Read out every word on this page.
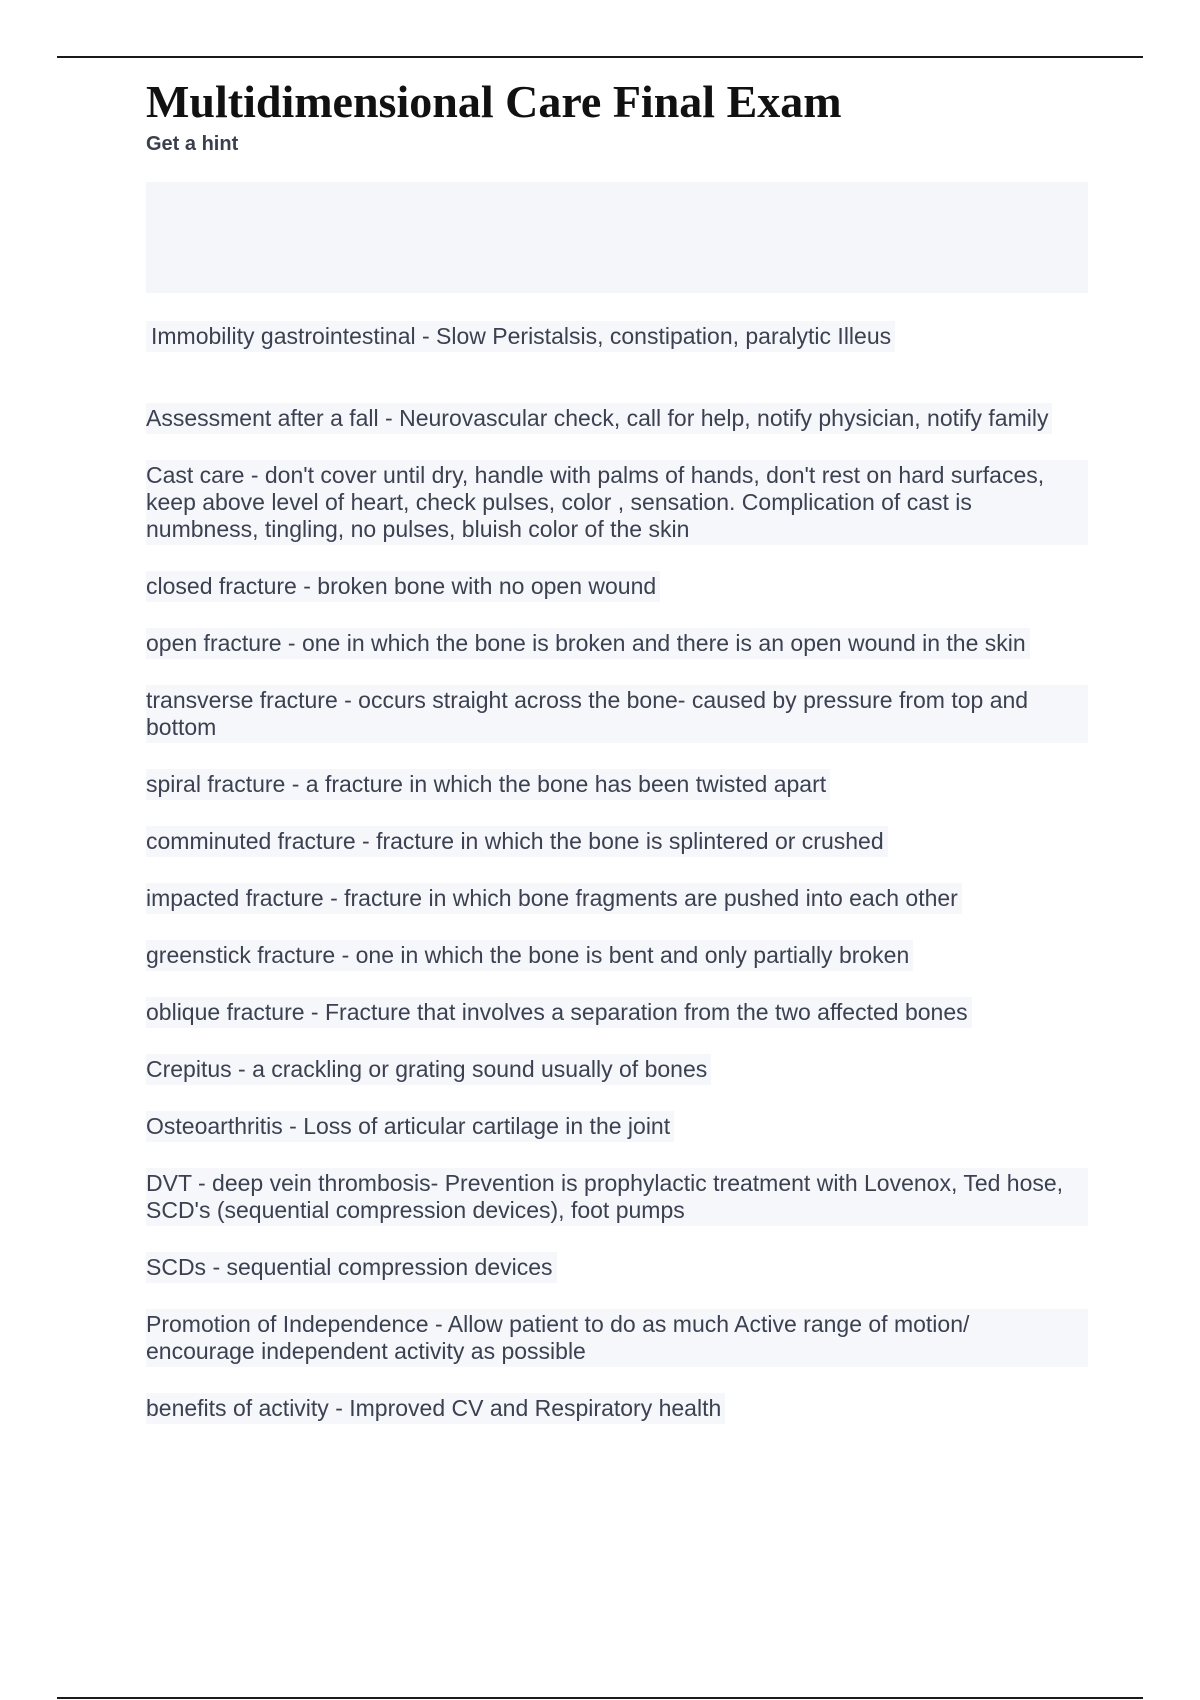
Multidimensional Care Final Exam
Get a hint
Immobility gastrointestinal - Slow Peristalsis, constipation, paralytic Illeus
Assessment after a fall - Neurovascular check, call for help, notify physician, notify family
Cast care - don't cover until dry, handle with palms of hands, don't rest on hard surfaces, keep above level of heart, check pulses, color , sensation. Complication of cast is numbness, tingling, no pulses, bluish color of the skin
closed fracture - broken bone with no open wound
open fracture - one in which the bone is broken and there is an open wound in the skin
transverse fracture - occurs straight across the bone- caused by pressure from top and bottom
spiral fracture - a fracture in which the bone has been twisted apart
comminuted fracture - fracture in which the bone is splintered or crushed
impacted fracture - fracture in which bone fragments are pushed into each other
greenstick fracture - one in which the bone is bent and only partially broken
oblique fracture - Fracture that involves a separation from the two affected bones
Crepitus - a crackling or grating sound usually of bones
Osteoarthritis - Loss of articular cartilage in the joint
DVT - deep vein thrombosis- Prevention is prophylactic treatment with Lovenox, Ted hose, SCD's (sequential compression devices), foot pumps
SCDs - sequential compression devices
Promotion of Independence - Allow patient to do as much Active range of motion/ encourage independent activity as possible
benefits of activity - Improved CV and Respiratory health
